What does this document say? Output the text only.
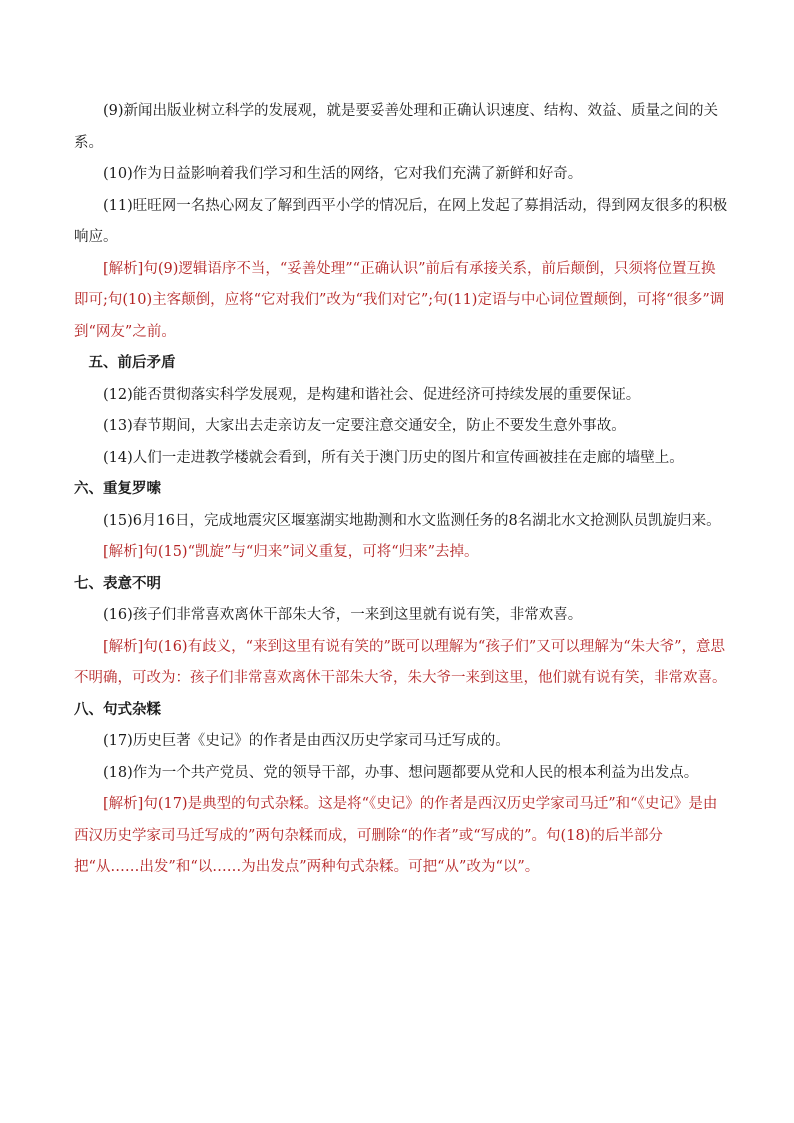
(9)新闻出版业树立科学的发展观，就是要妥善处理和正确认识速度、结构、效益、质量之间的关系。

(10)作为日益影响着我们学习和生活的网络，它对我们充满了新鲜和好奇。

(11)旺旺网一名热心网友了解到西平小学的情况后，在网上发起了募捐活动，得到网友很多的积极响应。

[解析]句(9)逻辑语序不当，“妥善处理”“正确认识”前后有承接关系，前后颠倒，只须将位置互换即可;句(10)主客颠倒，应将“它对我们”改为“我们对它”;句(11)定语与中心词位置颠倒，可将“很多”调到“网友”之前。

五、前后矛盾

(12)能否贯彻落实科学发展观，是构建和谐社会、促进经济可持续发展的重要保证。

(13)春节期间，大家出去走亲访友一定要注意交通安全，防止不要发生意外事故。

(14)人们一走进教学楼就会看到，所有关于澳门历史的图片和宣传画被挂在走廊的墙壁上。

六、重复罗嗦

(15)6月16日，完成地震灾区堰塞湖实地勘测和水文监测任务的8名湖北水文抢测队员凯旋归来。

[解析]句(15)“凯旋”与“归来”词义重复，可将“归来”去掉。

七、表意不明

(16)孩子们非常喜欢离休干部朱大爷，一来到这里就有说有笑，非常欢喜。

[解析]句(16)有歧义，“来到这里有说有笑的”既可以理解为“孩子们”又可以理解为“朱大爷”，意思不明确，可改为：孩子们非常喜欢离休干部朱大爷，朱大爷一来到这里，他们就有说有笑，非常欢喜。

八、句式杂糅

(17)历史巨著《史记》的作者是由西汉历史学家司马迁写成的。

(18)作为一个共产党员、党的领导干部，办事、想问题都要从党和人民的根本利益为出发点。

[解析]句(17)是典型的句式杂糅。这是将“《史记》的作者是西汉历史学家司马迁”和“《史记》是由西汉历史学家司马迁写成的”两句杂糅而成，可删除“的作者”或“写成的”。句(18)的后半部分把“从……出发”和“以……为出发点”两种句式杂糅。可把“从”改为“以”。
